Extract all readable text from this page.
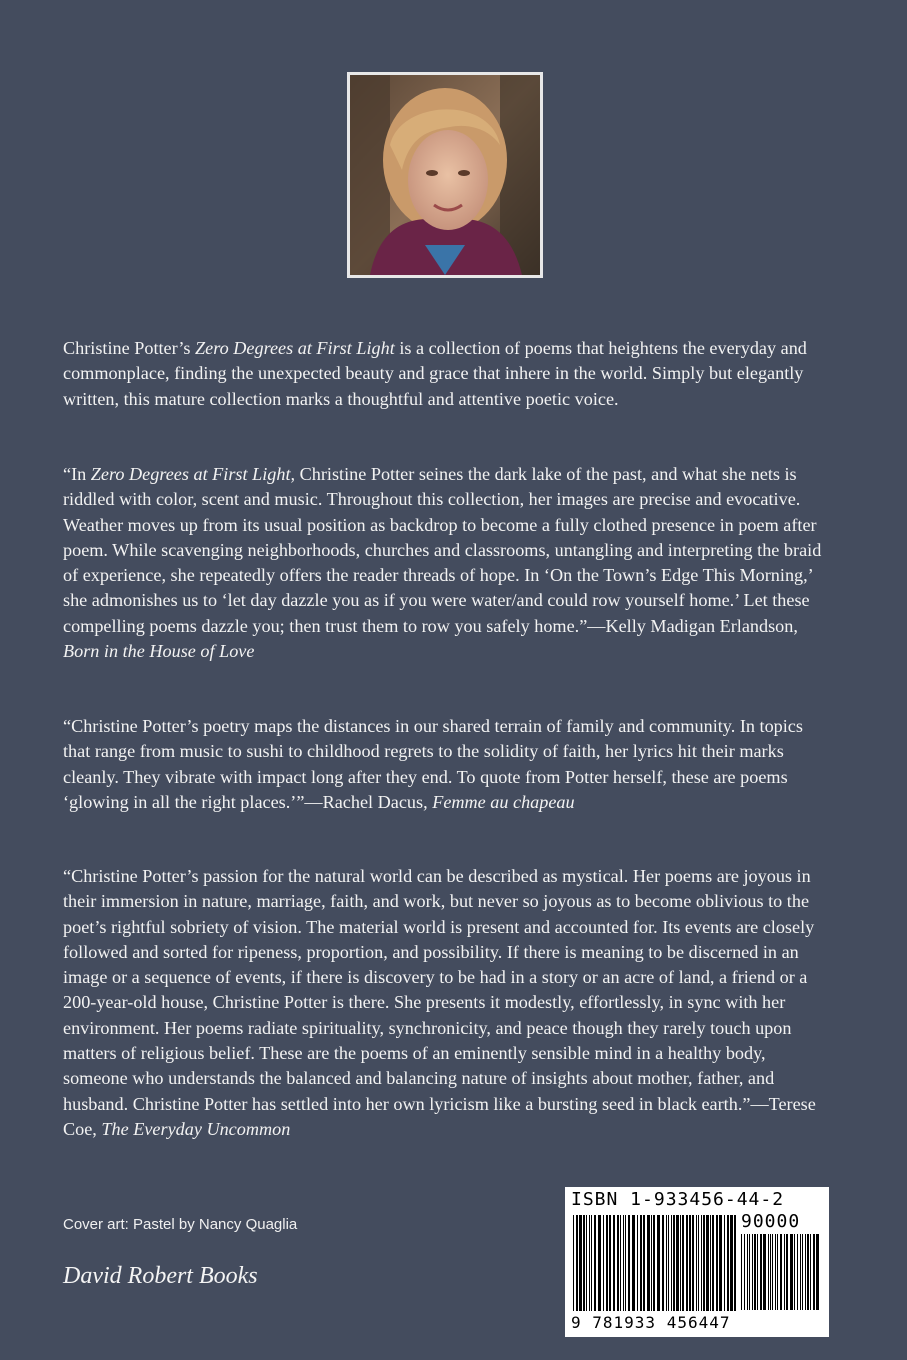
Christine Potter’s Zero Degrees at First Light is a collection of poems that heightens the everyday and commonplace, finding the unexpected beauty and grace that inhere in the world. Simply but elegantly written, this mature collection marks a thoughtful and attentive poetic voice.

“In Zero Degrees at First Light, Christine Potter seines the dark lake of the past, and what she nets is riddled with color, scent and music. Throughout this collection, her images are precise and evocative. Weather moves up from its usual position as backdrop to become a fully clothed presence in poem after poem. While scavenging neighborhoods, churches and classrooms, untangling and interpreting the braid of experience, she repeatedly offers the reader threads of hope. In ‘On the Town’s Edge This Morning,’ she admonishes us to ‘let day dazzle you as if you were water/and could row yourself home.’ Let these compelling poems dazzle you; then trust them to row you safely home.”—Kelly Madigan Erlandson, Born in the House of Love

“Christine Potter’s poetry maps the distances in our shared terrain of family and community. In topics that range from music to sushi to childhood regrets to the solidity of faith, her lyrics hit their marks cleanly. They vibrate with impact long after they end. To quote from Potter herself, these are poems ‘glowing in all the right places.’”—Rachel Dacus, Femme au chapeau

“Christine Potter’s passion for the natural world can be described as mystical. Her poems are joyous in their immersion in nature, marriage, faith, and work, but never so joyous as to become oblivious to the poet’s rightful sobriety of vision. The material world is present and accounted for. Its events are closely followed and sorted for ripeness, proportion, and possibility. If there is meaning to be discerned in an image or a sequence of events, if there is discovery to be had in a story or an acre of land, a friend or a 200-year-old house, Christine Potter is there. She presents it modestly, effortlessly, in sync with her environment. Her poems radiate spirituality, synchronicity, and peace though they rarely touch upon matters of religious belief. These are the poems of an eminently sensible mind in a healthy body, someone who understands the balanced and balancing nature of insights about mother, father, and husband. Christine Potter has settled into her own lyricism like a bursting seed in black earth.”—Terese Coe, The Everyday Uncommon

Cover art: Pastel by Nancy Quaglia
David Robert Books
ISBN 1-933456-44-2
90000
9 781933 456447
